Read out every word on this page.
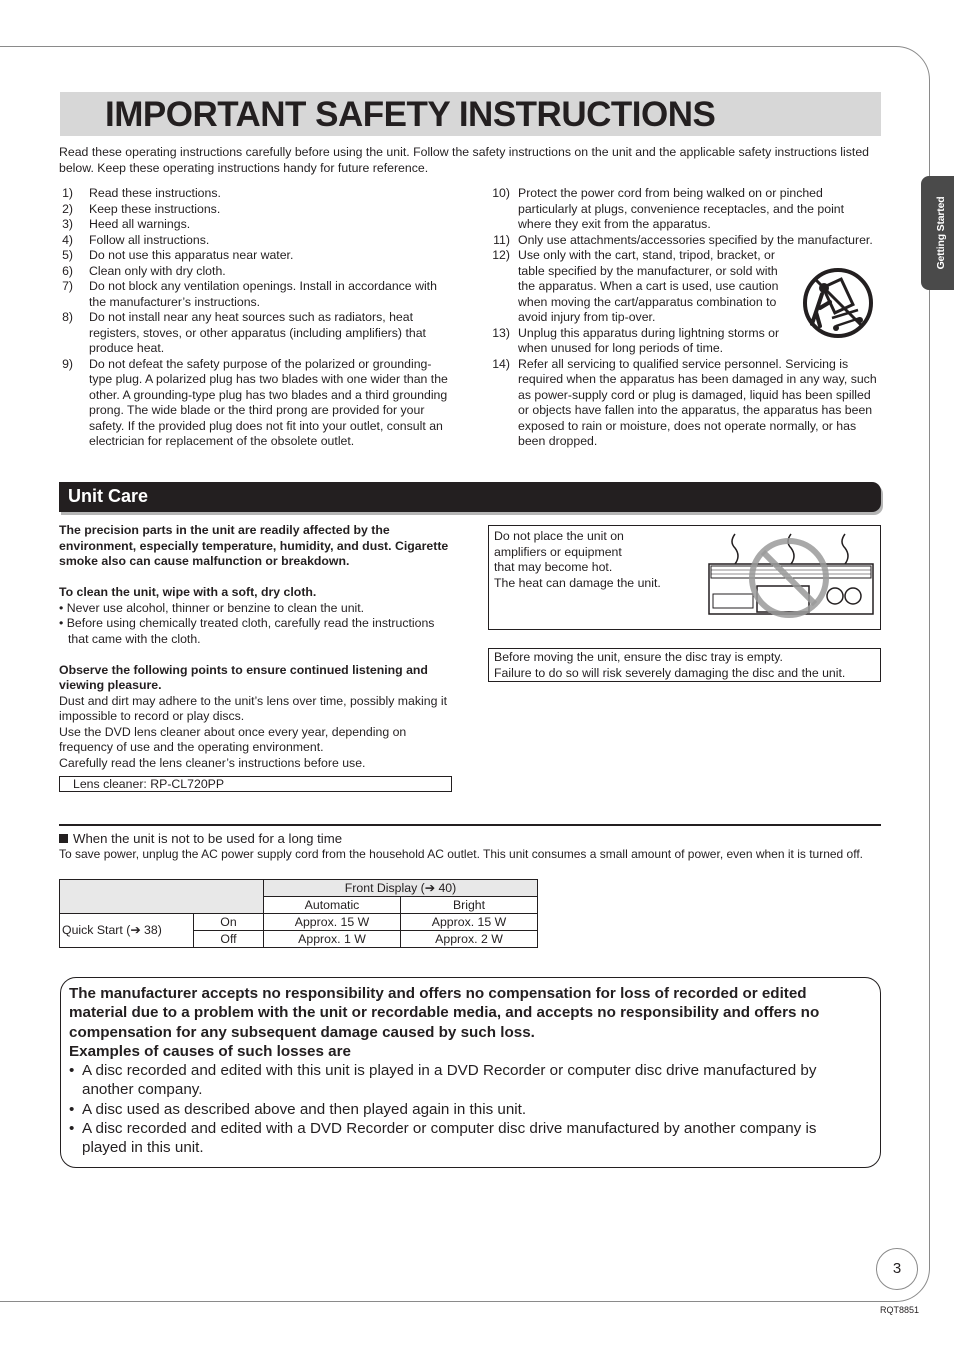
Getting Started
IMPORTANT SAFETY INSTRUCTIONS

Read these operating instructions carefully before using the unit. Follow the safety instructions on the unit and the applicable safety instructions listed below. Keep these operating instructions handy for future reference.

1) Read these instructions.
2) Keep these instructions.
3) Heed all warnings.
4) Follow all instructions.
5) Do not use this apparatus near water.
6) Clean only with dry cloth.
7) Do not block any ventilation openings. Install in accordance with the manufacturer’s instructions.
8) Do not install near any heat sources such as radiators, heat registers, stoves, or other apparatus (including amplifiers) that produce heat.
9) Do not defeat the safety purpose of the polarized or grounding-type plug. A polarized plug has two blades with one wider than the other. A grounding-type plug has two blades and a third grounding prong. The wide blade or the third prong are provided for your safety. If the provided plug does not fit into your outlet, consult an electrician for replacement of the obsolete outlet.
10) Protect the power cord from being walked on or pinched particularly at plugs, convenience receptacles, and the point where they exit from the apparatus.
11) Only use attachments/accessories specified by the manufacturer.
12) Use only with the cart, stand, tripod, bracket, or table specified by the manufacturer, or sold with the apparatus. When a cart is used, use caution when moving the cart/apparatus combination to avoid injury from tip-over.
13) Unplug this apparatus during lightning storms or when unused for long periods of time.
14) Refer all servicing to qualified service personnel. Servicing is required when the apparatus has been damaged in any way, such as power-supply cord or plug is damaged, liquid has been spilled or objects have fallen into the apparatus, the apparatus has been exposed to rain or moisture, does not operate normally, or has been dropped.
Unit Care

The precision parts in the unit are readily affected by the environment, especially temperature, humidity, and dust. Cigarette smoke also can cause malfunction or breakdown.

To clean the unit, wipe with a soft, dry cloth.

• Never use alcohol, thinner or benzine to clean the unit.

• Before using chemically treated cloth, carefully read the instructions that came with the cloth.

Observe the following points to ensure continued listening and viewing pleasure.

Dust and dirt may adhere to the unit’s lens over time, possibly making it impossible to record or play discs.

Use the DVD lens cleaner about once every year, depending on frequency of use and the operating environment.

Carefully read the lens cleaner’s instructions before use.

Lens cleaner: RP-CL720PP
Do not place the unit on
amplifiers or equipment
that may become hot.
The heat can damage the unit.
Before moving the unit, ensure the disc tray is empty.
Failure to do so will risk severely damaging the disc and the unit.
When the unit is not to be used for a long time

To save power, unplug the AC power supply cord from the household AC outlet. This unit consumes a small amount of power, even when it is turned off.

		Front Display (➔ 40)	
		Automatic	Bright
Quick Start (➔ 38)	On	Approx. 15 W	Approx. 15 W
	Off	Approx. 1 W	Approx. 2 W

The manufacturer accepts no responsibility and offers no compensation for loss of recorded or edited material due to a problem with the unit or recordable media, and accepts no responsibility and offers no compensation for any subsequent damage caused by such loss.

Examples of causes of such losses are

• A disc recorded and edited with this unit is played in a DVD Recorder or computer disc drive manufactured by another company.
• A disc used as described above and then played again in this unit.
• A disc recorded and edited with a DVD Recorder or computer disc drive manufactured by another company is played in this unit.
3
RQT8851
